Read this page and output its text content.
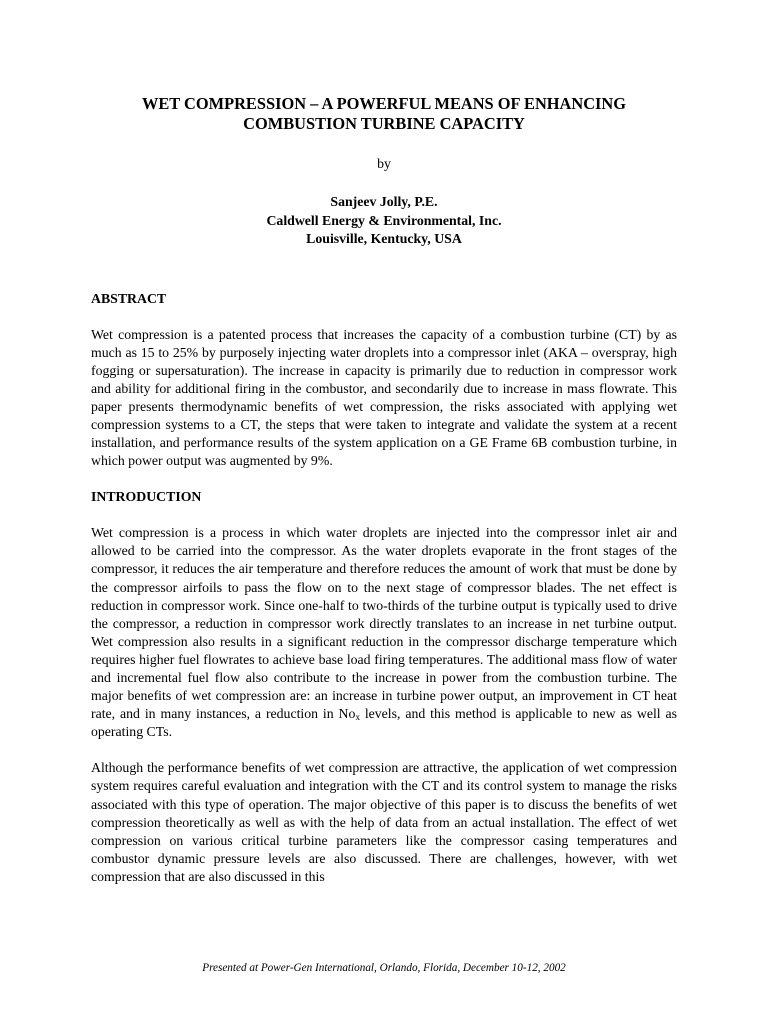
WET COMPRESSION – A POWERFUL MEANS OF ENHANCING
COMBUSTION TURBINE CAPACITY

by

Sanjeev Jolly, P.E.
Caldwell Energy & Environmental, Inc.
Louisville, Kentucky, USA
ABSTRACT

Wet compression is a patented process that increases the capacity of a combustion turbine (CT) by as much as 15 to 25% by purposely injecting water droplets into a compressor inlet (AKA – overspray, high fogging or supersaturation). The increase in capacity is primarily due to reduction in compressor work and ability for additional firing in the combustor, and secondarily due to increase in mass flowrate. This paper presents thermodynamic benefits of wet compression, the risks associated with applying wet compression systems to a CT, the steps that were taken to integrate and validate the system at a recent installation, and performance results of the system application on a GE Frame 6B combustion turbine, in which power output was augmented by 9%.

INTRODUCTION

Wet compression is a process in which water droplets are injected into the compressor inlet air and allowed to be carried into the compressor. As the water droplets evaporate in the front stages of the compressor, it reduces the air temperature and therefore reduces the amount of work that must be done by the compressor airfoils to pass the flow on to the next stage of compressor blades. The net effect is reduction in compressor work. Since one-half to two-thirds of the turbine output is typically used to drive the compressor, a reduction in compressor work directly translates to an increase in net turbine output. Wet compression also results in a significant reduction in the compressor discharge temperature which requires higher fuel flowrates to achieve base load firing temperatures. The additional mass flow of water and incremental fuel flow also contribute to the increase in power from the combustion turbine. The major benefits of wet compression are: an increase in turbine power output, an improvement in CT heat rate, and in many instances, a reduction in $No_x$ levels, and this method is applicable to new as well as operating CTs.

Although the performance benefits of wet compression are attractive, the application of wet compression system requires careful evaluation and integration with the CT and its control system to manage the risks associated with this type of operation. The major objective of this paper is to discuss the benefits of wet compression theoretically as well as with the help of data from an actual installation. The effect of wet compression on various critical turbine parameters like the compressor casing temperatures and combustor dynamic pressure levels are also discussed. There are challenges, however, with wet compression that are also discussed in this

Presented at Power-Gen International, Orlando, Florida, December 10-12, 2002
